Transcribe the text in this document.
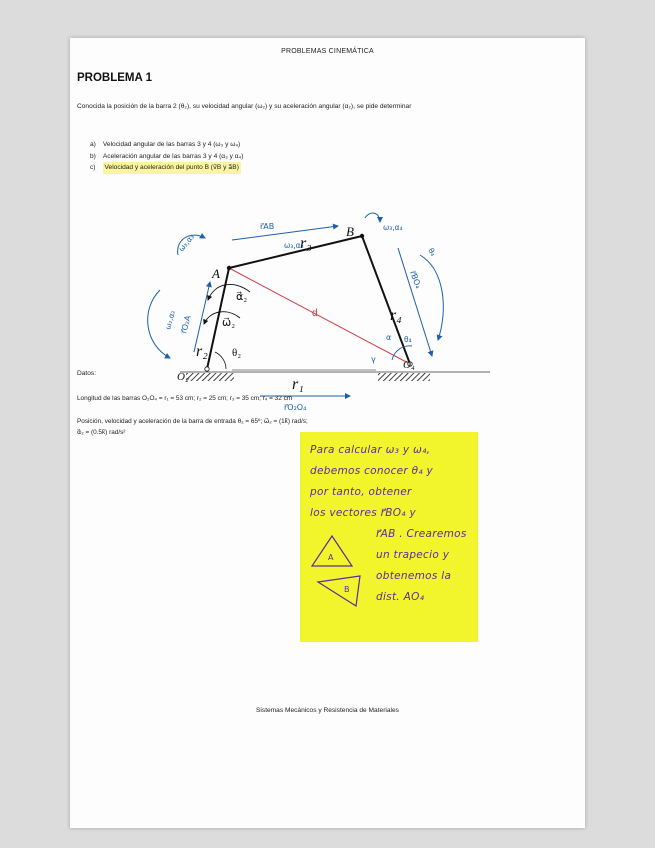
PROBLEMAS CINEMÁTICA
PROBLEMA 1
Conocida la posición de la barra 2 (θ₂), su velocidad angular (ω₂) y su aceleración angular (α₂), se pide determinar
a) Velocidad angular de las barras 3 y 4 (ω₃ y ω₄)
b) Aceleración angular de las barras 3 y 4 (α₃ y α₄)
c)	Velocidad y aceleración del punto B (v⃗B y a⃗B)
A
B
O₂
O₄
r₁
r₂
r₃
r₄
α⃗₂
ω⃗₂
θ₂
d
r⃗AB
r⃗BO₄
r⃗O₂O₄
r⃗O₂A
ω₃,α₃	ω₃,α₃
ω₂,α₂
ω₃,α₄
θ₄
θ₄
α
γ
Datos:
Longitud de las barras O₂O₄ = r₁ = 53 cm; r₂ = 25 cm; r₃ = 35 cm; r₄ = 32 cm
Posición, velocidad y aceleración de la barra de entrada θ₂ = 65º; ω⃗₂ = (1k̂) rad/s;
α⃗₂ = (0.5k̂) rad/s²
Para calcular ω₃ y ω₄,
debemos conocer θ₄ y
por tanto, obtener
los vectores r⃗BO₄ y
r⃗AB . Crearemos
un trapecio y
obtenemos la
dist. AO₄
A
B
Sistemas Mecánicos y Resistencia de Materiales
